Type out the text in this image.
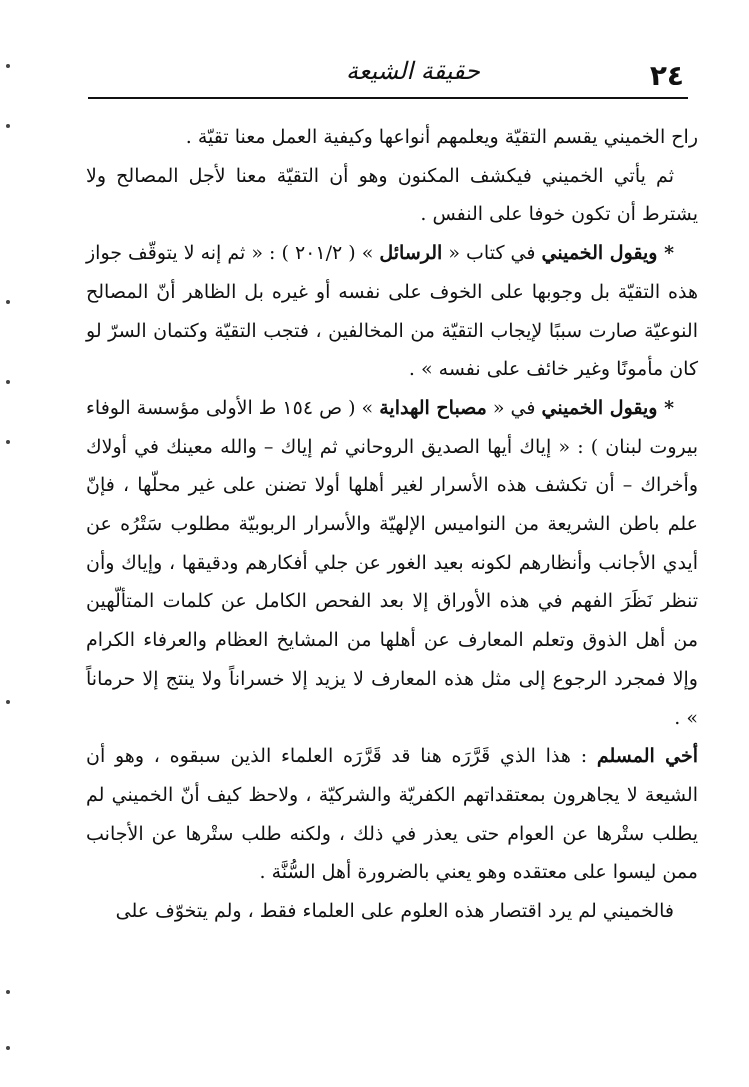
٢٤
حقيقة الشيعة

راح الخميني يقسم التقيّة ويعلمهم أنواعها وكيفية العمل معنا تقيّة .

ثم يأتي الخميني فيكشف المكنون وهو أن التقيّة معنا لأجل المصالح ولا يشترط أن تكون خوفا على النفس .

* ويقول الخميني في كتاب « الرسائل » ( ٢٠١/٢ ) : « ثم إنه لا يتوقّف جواز هذه التقيّة بل وجوبها على الخوف على نفسه أو غيره بل الظاهر أنّ المصالح النوعيّة صارت سببًا لإيجاب التقيّة من المخالفين ، فتجب التقيّة وكتمان السرّ لو كان مأمونًا وغير خائف على نفسه » .

* ويقول الخميني في « مصباح الهداية » ( ص ١٥٤ ط الأولى مؤسسة الوفاء بيروت لبنان ) : « إياك أيها الصديق الروحاني ثم إياك – والله معينك في أولاك وأخراك – أن تكشف هذه الأسرار لغير أهلها أولا تضنن على غير محلّها ، فإنّ علم باطن الشريعة من النواميس الإلهيّة والأسرار الربوبيّة مطلوب سَتْرُه عن أيدي الأجانب وأنظارهم لكونه بعيد الغور عن جلي أفكارهم ودقيقها ، وإياك وأن تنظر نَظَرَ الفهم في هذه الأوراق إلا بعد الفحص الكامل عن كلمات المتألّهين من أهل الذوق وتعلم المعارف عن أهلها من المشايخ العظام والعرفاء الكرام وإلا فمجرد الرجوع إلى مثل هذه المعارف لا يزيد إلا خسراناً ولا ينتج إلا حرماناً » .

أخي المسلم : هذا الذي قَرَّرَه هنا قد قَرَّرَه العلماء الذين سبقوه ، وهو أن الشيعة لا يجاهرون بمعتقداتهم الكفريّة والشركيّة ، ولاحظ كيف أنّ الخميني لم يطلب ستْرها عن العوام حتى يعذر في ذلك ، ولكنه طلب ستْرها عن الأجانب ممن ليسوا على معتقده وهو يعني بالضرورة أهل السُّنَّة .

فالخميني لم يرد اقتصار هذه العلوم على العلماء فقط ، ولم يتخوّف على
